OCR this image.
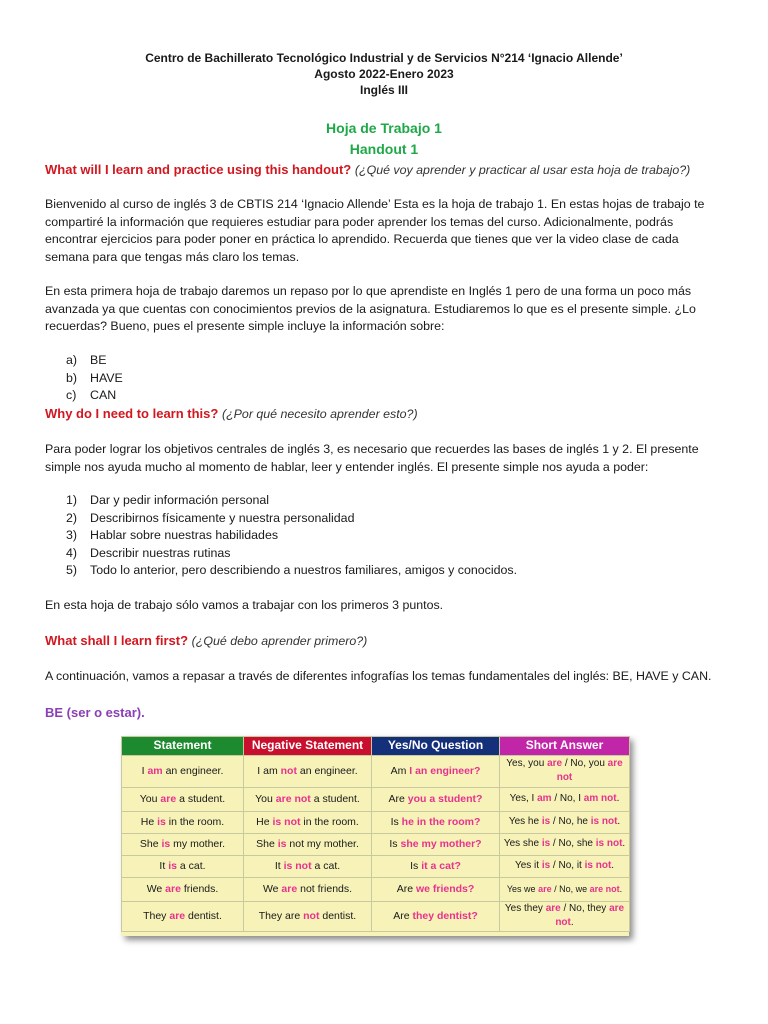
Centro de Bachillerato Tecnológico Industrial y de Servicios N°214 ‘Ignacio Allende’
Agosto 2022-Enero 2023
Inglés III
Hoja de Trabajo 1
Handout 1
What will I learn and practice using this handout? (¿Qué voy aprender y practicar al usar esta hoja de trabajo?)
Bienvenido al curso de inglés 3 de CBTIS 214 ‘Ignacio Allende’ Esta es la hoja de trabajo 1. En estas hojas de trabajo te compartiré la información que requieres estudiar para poder aprender los temas del curso. Adicionalmente, podrás encontrar ejercicios para poder poner en práctica lo aprendido. Recuerda que tienes que ver la video clase de cada semana para que tengas más claro los temas.
En esta primera hoja de trabajo daremos un repaso por lo que aprendiste en Inglés 1 pero de una forma un poco más avanzada ya que cuentas con conocimientos previos de la asignatura. Estudiaremos lo que es el presente simple. ¿Lo recuerdas? Bueno, pues el presente simple incluye la información sobre:
a)	BE
b)	HAVE
c)	CAN
Why do I need to learn this? (¿Por qué necesito aprender esto?)
Para poder lograr los objetivos centrales de inglés 3, es necesario que recuerdes las bases de inglés 1 y 2. El presente simple nos ayuda mucho al momento de hablar, leer y entender inglés. El presente simple nos ayuda a poder:
1)	Dar y pedir información personal
2)	Describirnos físicamente y nuestra personalidad
3)	Hablar sobre nuestras habilidades
4)	Describir nuestras rutinas
5)	Todo lo anterior, pero describiendo a nuestros familiares, amigos y conocidos.
En esta hoja de trabajo sólo vamos a trabajar con los primeros 3 puntos.
What shall I learn first? (¿Qué debo aprender primero?)
A continuación, vamos a repasar a través de diferentes infografías los temas fundamentales del inglés: BE, HAVE y CAN.
BE (ser o estar).
Statement	Negative Statement	Yes/No Question	Short Answer
I am an engineer.	I am not an engineer.	Am I an engineer?	Yes, you are / No, you are not
You are a student.	You are not a student.	Are you a student?	Yes, I am / No, I am not.
He is in the room.	He is not in the room.	Is he in the room?	Yes he is / No, he is not.
She is my mother.	She is not my mother.	Is she my mother?	Yes she is / No, she is not.
It is a cat.	It is not a cat.	Is it a cat?	Yes it is / No, it is not.
We are friends.	We are not friends.	Are we friends?	Yes we are / No, we are not.
They are dentist.	They are not dentist.	Are they dentist?	Yes they are / No, they are not.
